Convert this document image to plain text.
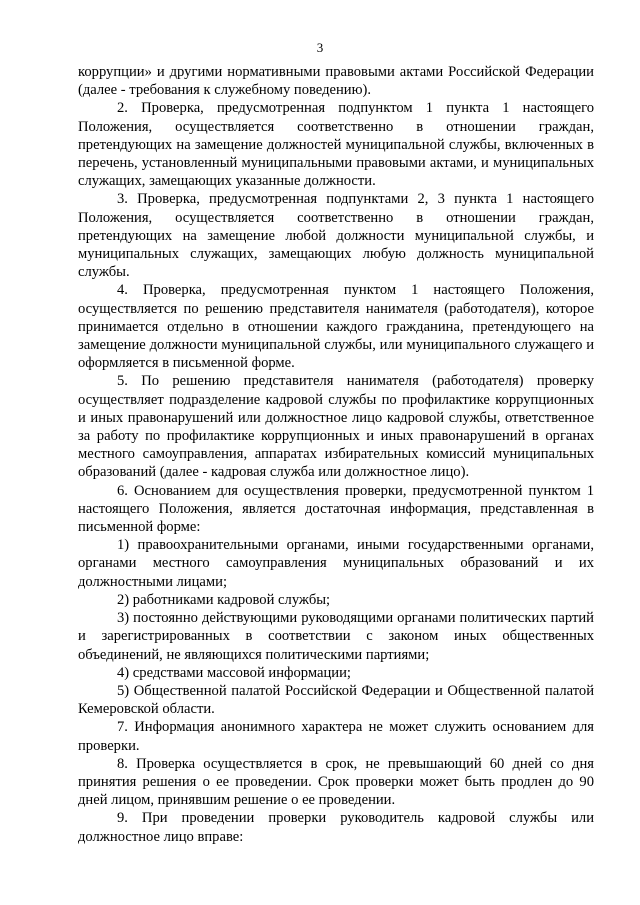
3

коррупции» и другими нормативными правовыми актами Российской Федерации (далее - требования к служебному поведению).

2. Проверка, предусмотренная подпунктом 1 пункта 1 настоящего Положения, осуществляется соответственно в отношении граждан, претендующих на замещение должностей муниципальной службы, включенных в перечень, установленный муниципальными правовыми актами, и муниципальных служащих, замещающих указанные должности.

3. Проверка, предусмотренная подпунктами 2, 3 пункта 1 настоящего Положения, осуществляется соответственно в отношении граждан, претендующих на замещение любой должности муниципальной службы, и муниципальных служащих, замещающих любую должность муниципальной службы.

4. Проверка, предусмотренная пунктом 1 настоящего Положения, осуществляется по решению представителя нанимателя (работодателя), которое принимается отдельно в отношении каждого гражданина, претендующего на замещение должности муниципальной службы, или муниципального служащего и оформляется в письменной форме.

5. По решению представителя нанимателя (работодателя) проверку осуществляет подразделение кадровой службы по профилактике коррупционных и иных правонарушений или должностное лицо кадровой службы, ответственное за работу по профилактике коррупционных и иных правонарушений в органах местного самоуправления, аппаратах избирательных комиссий муниципальных образований (далее - кадровая служба или должностное лицо).

6. Основанием для осуществления проверки, предусмотренной пунктом 1 настоящего Положения, является достаточная информация, представленная в письменной форме:

1) правоохранительными органами, иными государственными органами, органами местного самоуправления муниципальных образований и их должностными лицами;

2) работниками кадровой службы;

3) постоянно действующими руководящими органами политических партий и зарегистрированных в соответствии с законом иных общественных объединений, не являющихся политическими партиями;

4) средствами массовой информации;

5) Общественной палатой Российской Федерации и Общественной палатой Кемеровской области.

7. Информация анонимного характера не может служить основанием для проверки.

8. Проверка осуществляется в срок, не превышающий 60 дней со дня принятия решения о ее проведении. Срок проверки может быть продлен до 90 дней лицом, принявшим решение о ее проведении.

9. При проведении проверки руководитель кадровой службы или должностное лицо вправе:
